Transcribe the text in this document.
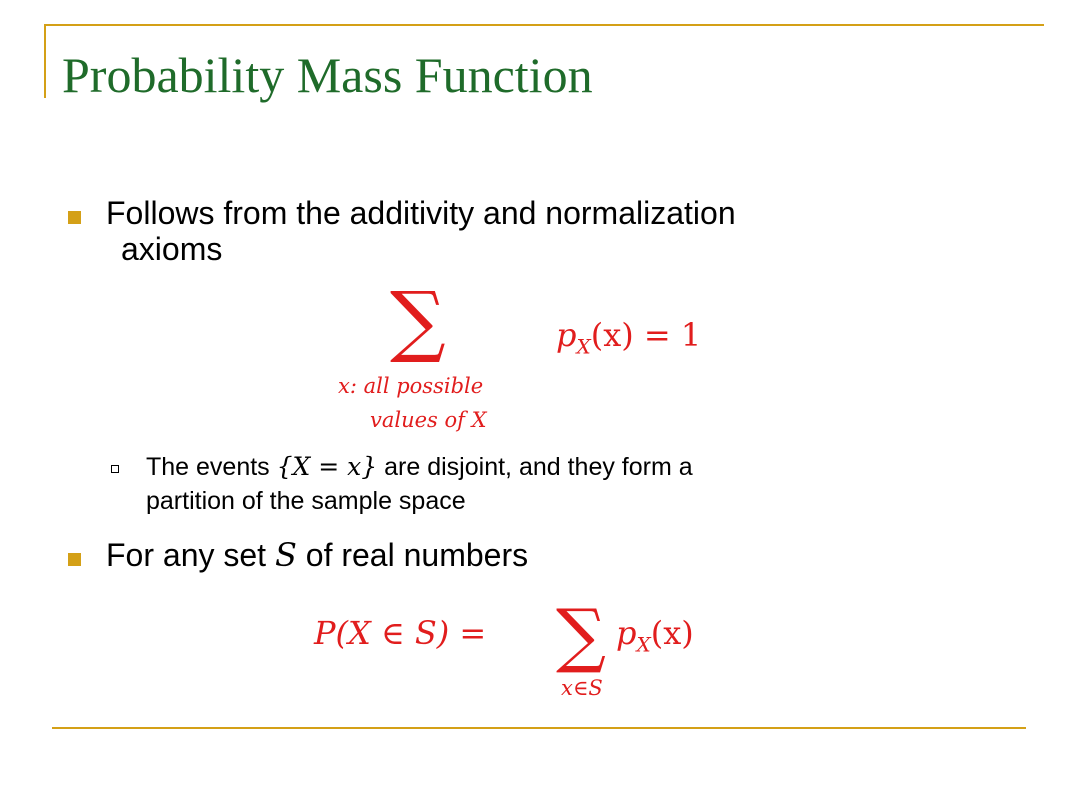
Probability Mass Function
Follows from the additivity and normalization
axioms
∑	$p_X(x) = 1$
x: all possible
values of X
The events {X = x} are disjoint, and they form a
partition of the sample space
For any set S of real numbers
P(X ∈ S) = ∑ $p_X(x)$
x∈S
